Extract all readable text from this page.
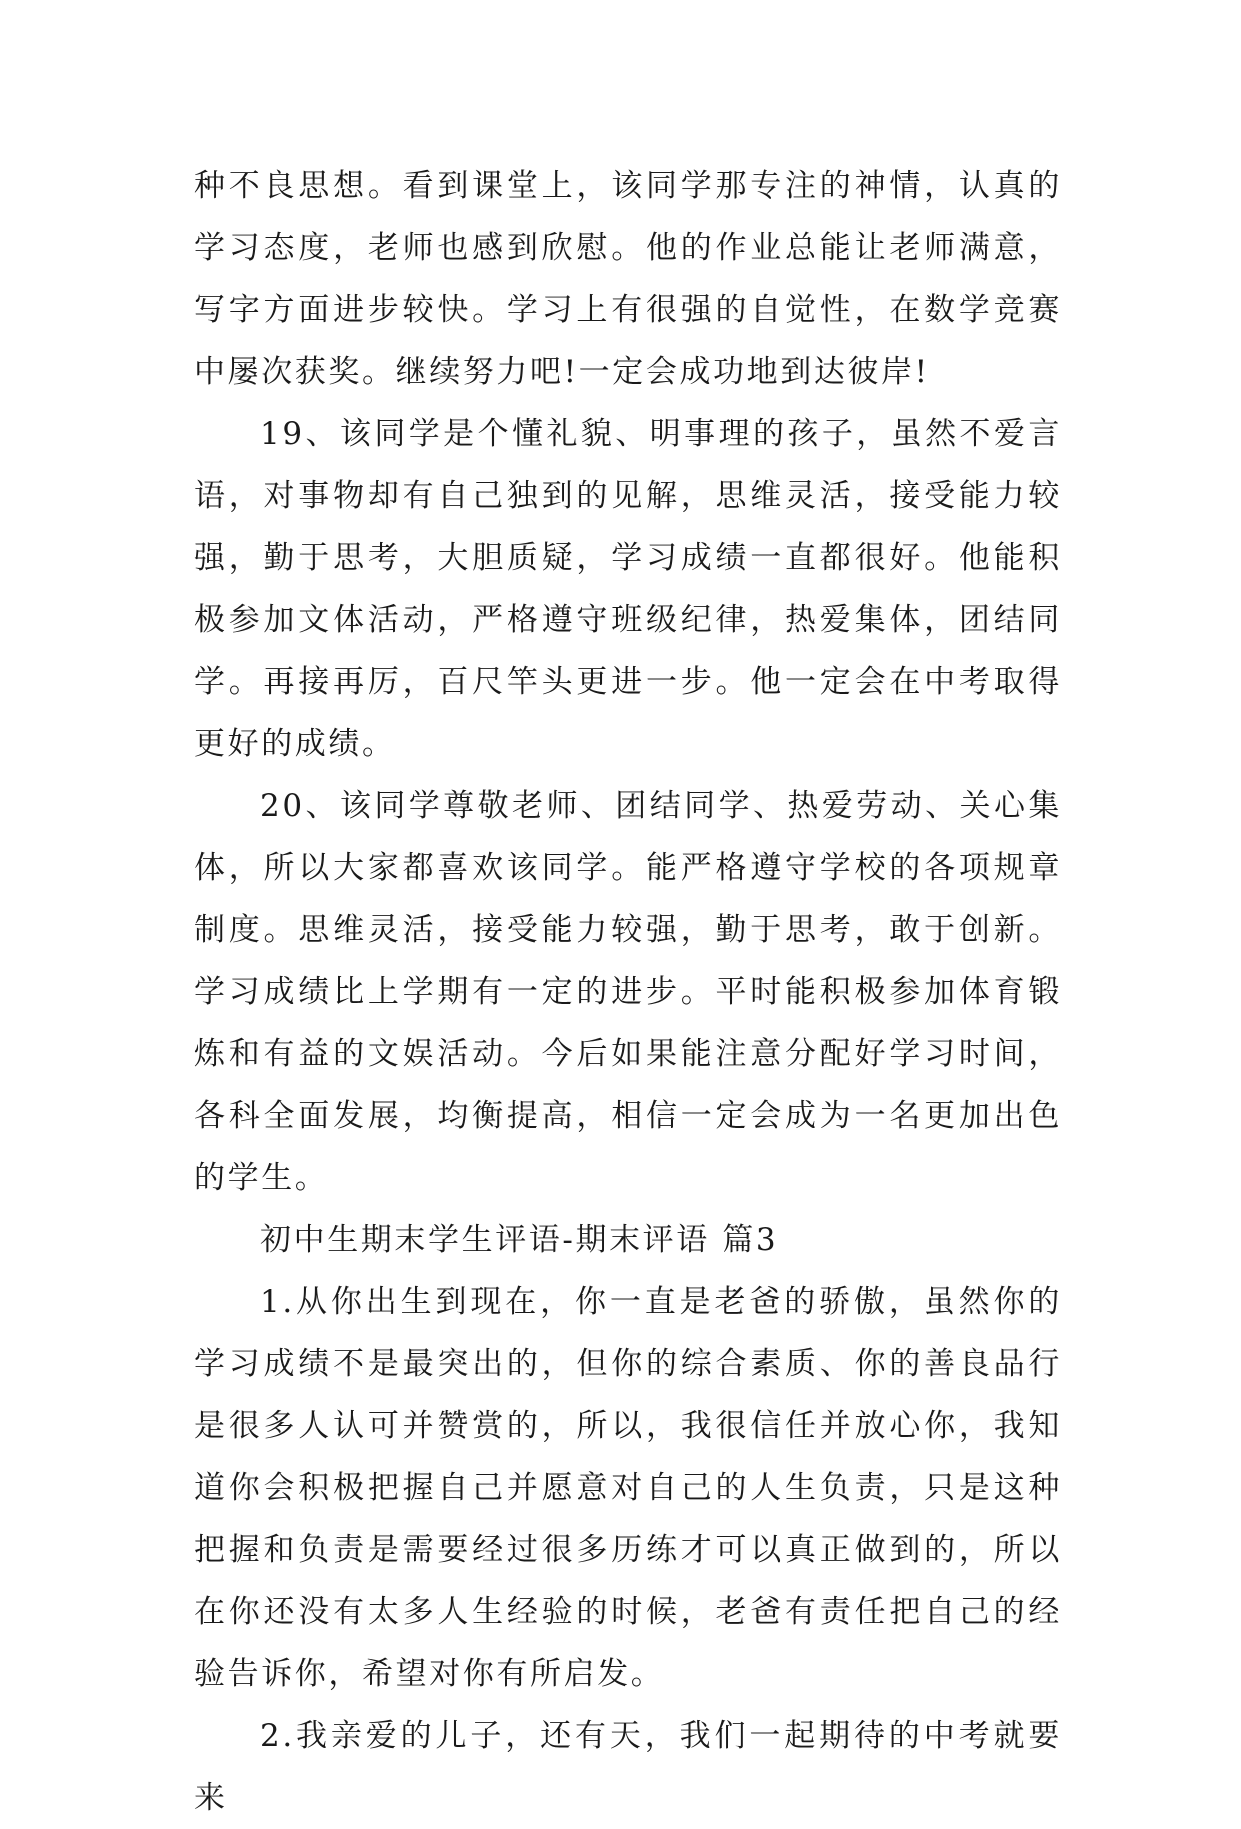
种不良思想。看到课堂上，该同学那专注的神情，认真的学习态度，老师也感到欣慰。他的作业总能让老师满意，写字方面进步较快。学习上有很强的自觉性，在数学竞赛中屡次获奖。继续努力吧!一定会成功地到达彼岸!

19、该同学是个懂礼貌、明事理的孩子，虽然不爱言语，对事物却有自己独到的见解，思维灵活，接受能力较强，勤于思考，大胆质疑，学习成绩一直都很好。他能积极参加文体活动，严格遵守班级纪律，热爱集体，团结同学。再接再厉，百尺竿头更进一步。他一定会在中考取得更好的成绩。

20、该同学尊敬老师、团结同学、热爱劳动、关心集体，所以大家都喜欢该同学。能严格遵守学校的各项规章制度。思维灵活，接受能力较强，勤于思考，敢于创新。学习成绩比上学期有一定的进步。平时能积极参加体育锻炼和有益的文娱活动。今后如果能注意分配好学习时间，各科全面发展，均衡提高，相信一定会成为一名更加出色的学生。

初中生期末学生评语-期末评语 篇3

1.从你出生到现在，你一直是老爸的骄傲，虽然你的学习成绩不是最突出的，但你的综合素质、你的善良品行是很多人认可并赞赏的，所以，我很信任并放心你，我知道你会积极把握自己并愿意对自己的人生负责，只是这种把握和负责是需要经过很多历练才可以真正做到的，所以在你还没有太多人生经验的时候，老爸有责任把自己的经验告诉你，希望对你有所启发。

2.我亲爱的儿子，还有天，我们一起期待的中考就要来
